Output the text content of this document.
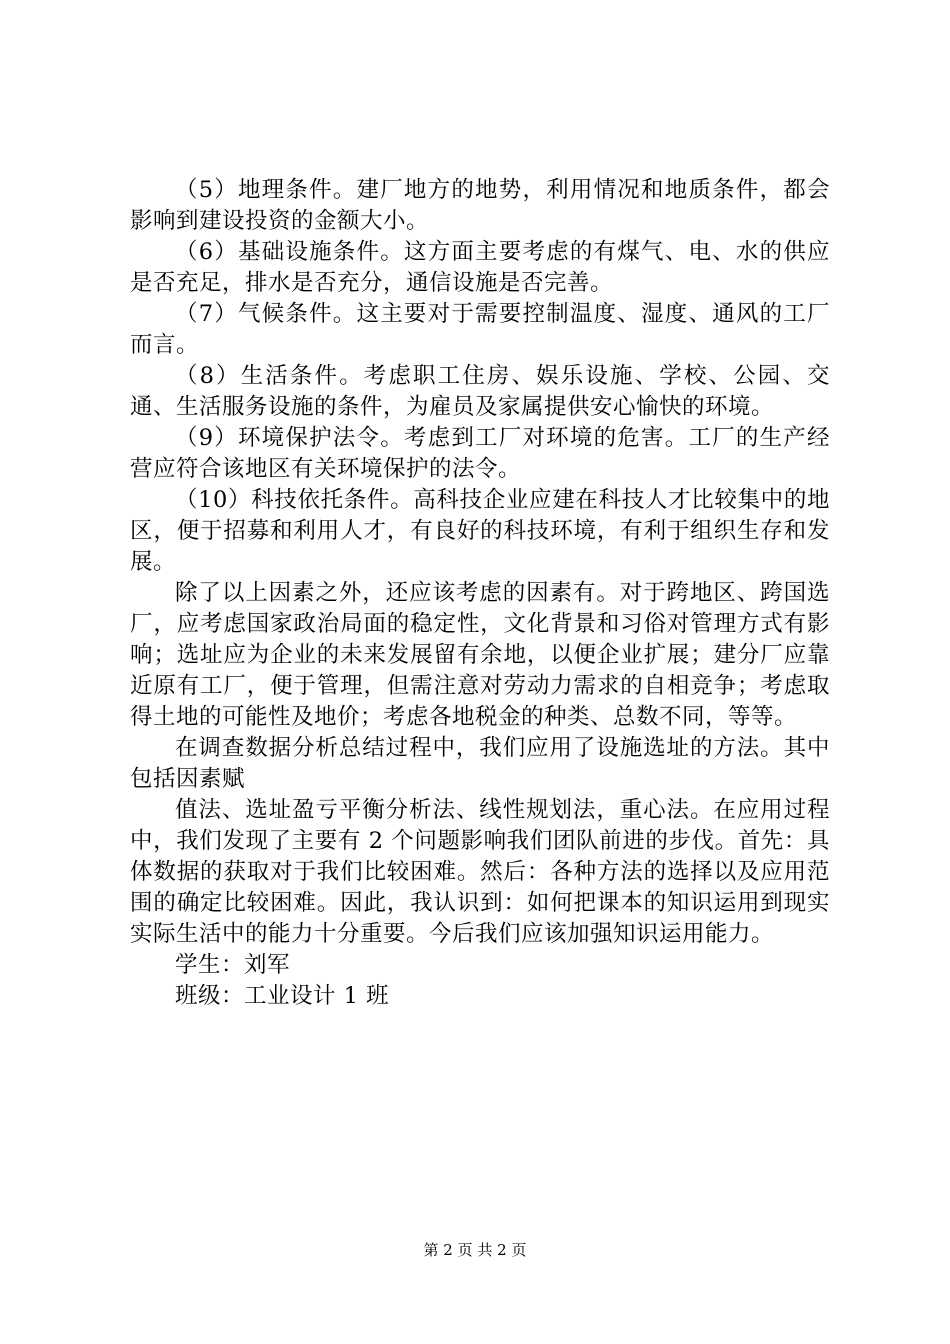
（5）地理条件。建厂地方的地势，利用情况和地质条件，都会影响到建设投资的金额大小。

（6）基础设施条件。这方面主要考虑的有煤气、电、水的供应是否充足，排水是否充分，通信设施是否完善。

（7）气候条件。这主要对于需要控制温度、湿度、通风的工厂而言。

（8）生活条件。考虑职工住房、娱乐设施、学校、公园、交通、生活服务设施的条件，为雇员及家属提供安心愉快的环境。

（9）环境保护法令。考虑到工厂对环境的危害。工厂的生产经营应符合该地区有关环境保护的法令。

（10）科技依托条件。高科技企业应建在科技人才比较集中的地区，便于招募和利用人才，有良好的科技环境，有利于组织生存和发展。

除了以上因素之外，还应该考虑的因素有。对于跨地区、跨国选厂，应考虑国家政治局面的稳定性，文化背景和习俗对管理方式有影响；选址应为企业的未来发展留有余地，以便企业扩展；建分厂应靠近原有工厂，便于管理，但需注意对劳动力需求的自相竞争；考虑取得土地的可能性及地价；考虑各地税金的种类、总数不同，等等。

在调查数据分析总结过程中，我们应用了设施选址的方法。其中包括因素赋

值法、选址盈亏平衡分析法、线性规划法，重心法。在应用过程中，我们发现了主要有 2 个问题影响我们团队前进的步伐。首先：具体数据的获取对于我们比较困难。然后：各种方法的选择以及应用范围的确定比较困难。因此，我认识到：如何把课本的知识运用到现实实际生活中的能力十分重要。今后我们应该加强知识运用能力。

学生：刘军

班级：工业设计 1 班

第 2 页 共 2 页
